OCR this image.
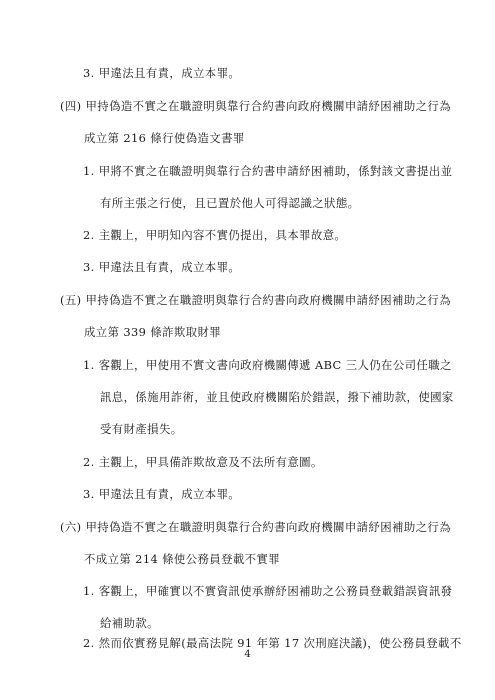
3. 甲違法且有責，成立本罪。
(四) 甲持偽造不實之在職證明與靠行合約書向政府機關申請紓困補助之行為
成立第 216 條行使偽造文書罪
1. 甲將不實之在職證明與靠行合約書申請紓困補助，係對該文書提出並
有所主張之行使，且已置於他人可得認識之狀態。
2. 主觀上，甲明知內容不實仍提出，具本罪故意。
3. 甲違法且有責，成立本罪。
(五) 甲持偽造不實之在職證明與靠行合約書向政府機關申請紓困補助之行為
成立第 339 條詐欺取財罪
1. 客觀上，甲使用不實文書向政府機關傳遞 ABC 三人仍在公司任職之
訊息，係施用詐術，並且使政府機關陷於錯誤，撥下補助款，使國家
受有財產損失。
2. 主觀上，甲具備詐欺故意及不法所有意圖。
3. 甲違法且有責，成立本罪。
(六) 甲持偽造不實之在職證明與靠行合約書向政府機關申請紓困補助之行為
不成立第 214 條使公務員登載不實罪
1. 客觀上，甲確實以不實資訊使承辦紓困補助之公務員登載錯誤資訊發
給補助款。
2. 然而依實務見解(最高法院 91 年第 17 次刑庭決議)，使公務員登載不
4
